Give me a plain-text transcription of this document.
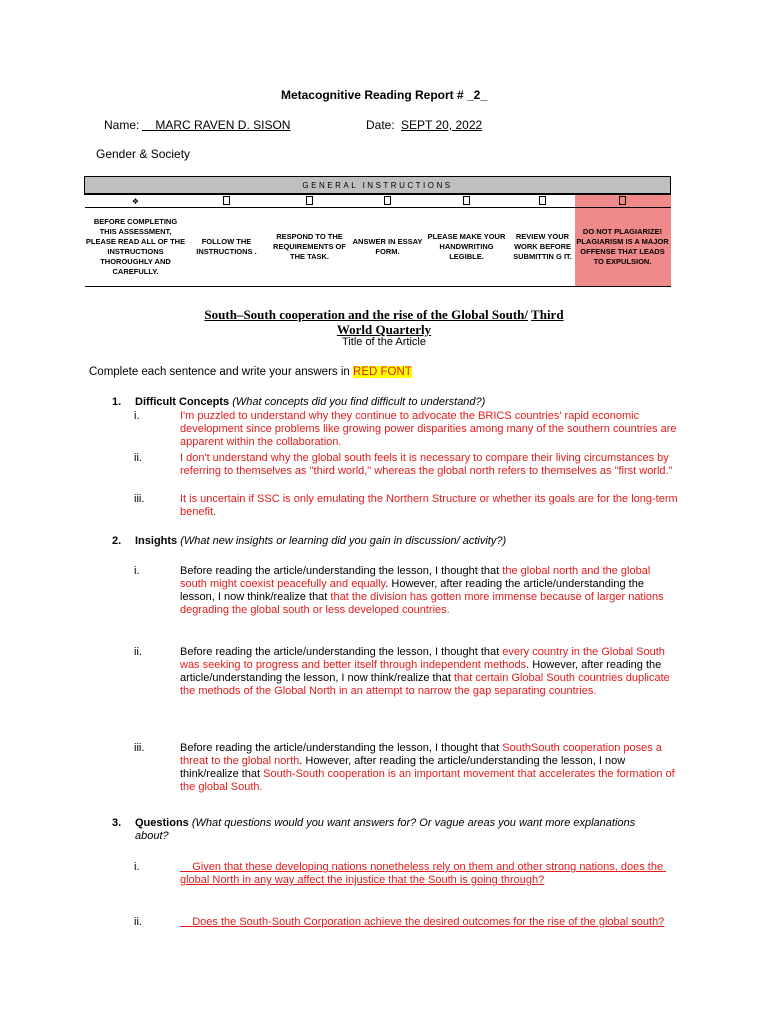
Metacognitive Reading Report # _2_
Name: MARC RAVEN D. SISON	Date: SEPT 20, 2022
Gender & Society
GENERAL INSTRUCTIONS						
❖						
BEFORE COMPLETING THIS ASSESSMENT, PLEASE READ ALL OF THE INSTRUCTIONS THOROUGHLY AND CAREFULLY.	FOLLOW THE INSTRUCTIONS .	RESPOND TO THE REQUIREMENTS OF THE TASK.	ANSWER IN ESSAY FORM.	PLEASE MAKE YOUR HANDWRITING LEGIBLE.	REVIEW YOUR WORK BEFORE SUBMITTIN G IT.	DO NOT PLAGIARIZE! PLAGIARISM IS A MAJOR OFFENSE THAT LEADS TO EXPULSION.
South–South cooperation and the rise of the Global South/ Third
World Quarterly
Title of the Article
Complete each sentence and write your answers in RED FONT
1. Difficult Concepts (What concepts did you find difficult to understand?)
i.	I'm puzzled to understand why they continue to advocate the BRICS countries' rapid economic development since problems like growing power disparities among many of the southern countries are apparent within the collaboration.
ii.	I don't understand why the global south feels it is necessary to compare their living circumstances by referring to themselves as "third world," whereas the global north refers to themselves as "first world."
iii.	It is uncertain if SSC is only emulating the Northern Structure or whether its goals are for the long-term benefit.
2. Insights (What new insights or learning did you gain in discussion/ activity?)
i.	Before reading the article/understanding the lesson, I thought that the global north and the global south might coexist peacefully and equally. However, after reading the article/understanding the lesson, I now think/realize that that the division has gotten more immense because of larger nations degrading the global south or less developed countries.
ii.	Before reading the article/understanding the lesson, I thought that every country in the Global South was seeking to progress and better itself through independent methods. However, after reading the article/understanding the lesson, I now think/realize that that certain Global South countries duplicate the methods of the Global North in an attempt to narrow the gap separating countries.
iii.	Before reading the article/understanding the lesson, I thought that SouthSouth cooperation poses a threat to the global north. However, after reading the article/understanding the lesson, I now think/realize that South-South cooperation is an important movement that accelerates the formation of the global South.
3. Questions (What questions would you want answers for? Or vague areas you want more explanations about?
i.	Given that these developing nations nonetheless rely on them and other strong nations, does the global North in any way affect the injustice that the South is going through?
ii.	Does the South-South Corporation achieve the desired outcomes for the rise of the global south?
